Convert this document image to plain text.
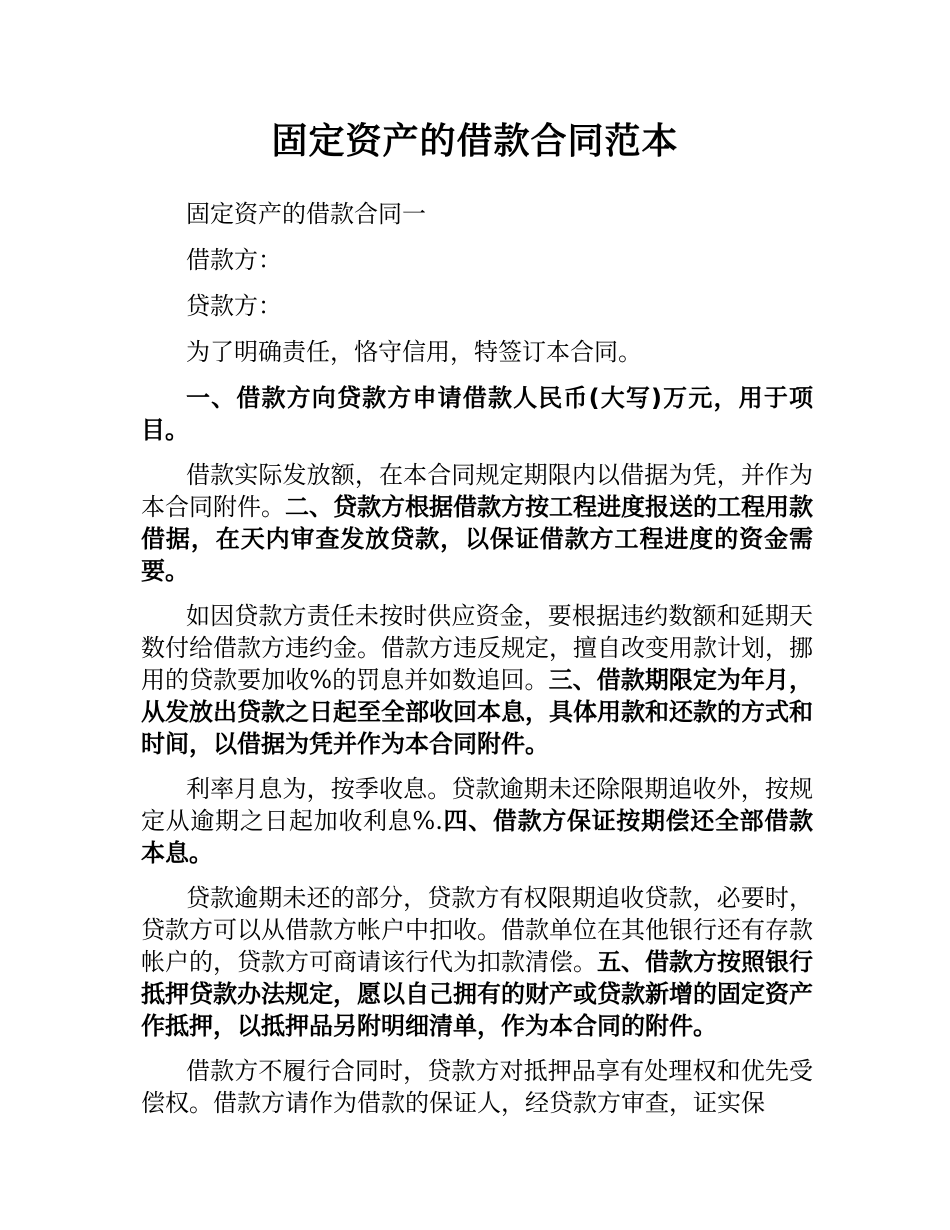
固定资产的借款合同范本

固定资产的借款合同一

借款方：

贷款方：

为了明确责任，恪守信用，特签订本合同。

一、借款方向贷款方申请借款人民币(大写)万元，用于项目。

借款实际发放额，在本合同规定期限内以借据为凭，并作为本合同附件。二、贷款方根据借款方按工程进度报送的工程用款借据，在天内审查发放贷款，以保证借款方工程进度的资金需要。

如因贷款方责任未按时供应资金，要根据违约数额和延期天数付给借款方违约金。借款方违反规定，擅自改变用款计划，挪用的贷款要加收%的罚息并如数追回。三、借款期限定为年月，从发放出贷款之日起至全部收回本息，具体用款和还款的方式和时间，以借据为凭并作为本合同附件。

利率月息为，按季收息。贷款逾期未还除限期追收外，按规定从逾期之日起加收利息%.四、借款方保证按期偿还全部借款本息。

贷款逾期未还的部分，贷款方有权限期追收贷款，必要时，贷款方可以从借款方帐户中扣收。借款单位在其他银行还有存款帐户的，贷款方可商请该行代为扣款清偿。五、借款方按照银行抵押贷款办法规定，愿以自己拥有的财产或贷款新增的固定资产作抵押，以抵押品另附明细清单，作为本合同的附件。

借款方不履行合同时，贷款方对抵押品享有处理权和优先受偿权。借款方请作为借款的保证人，经贷款方审查，证实保
